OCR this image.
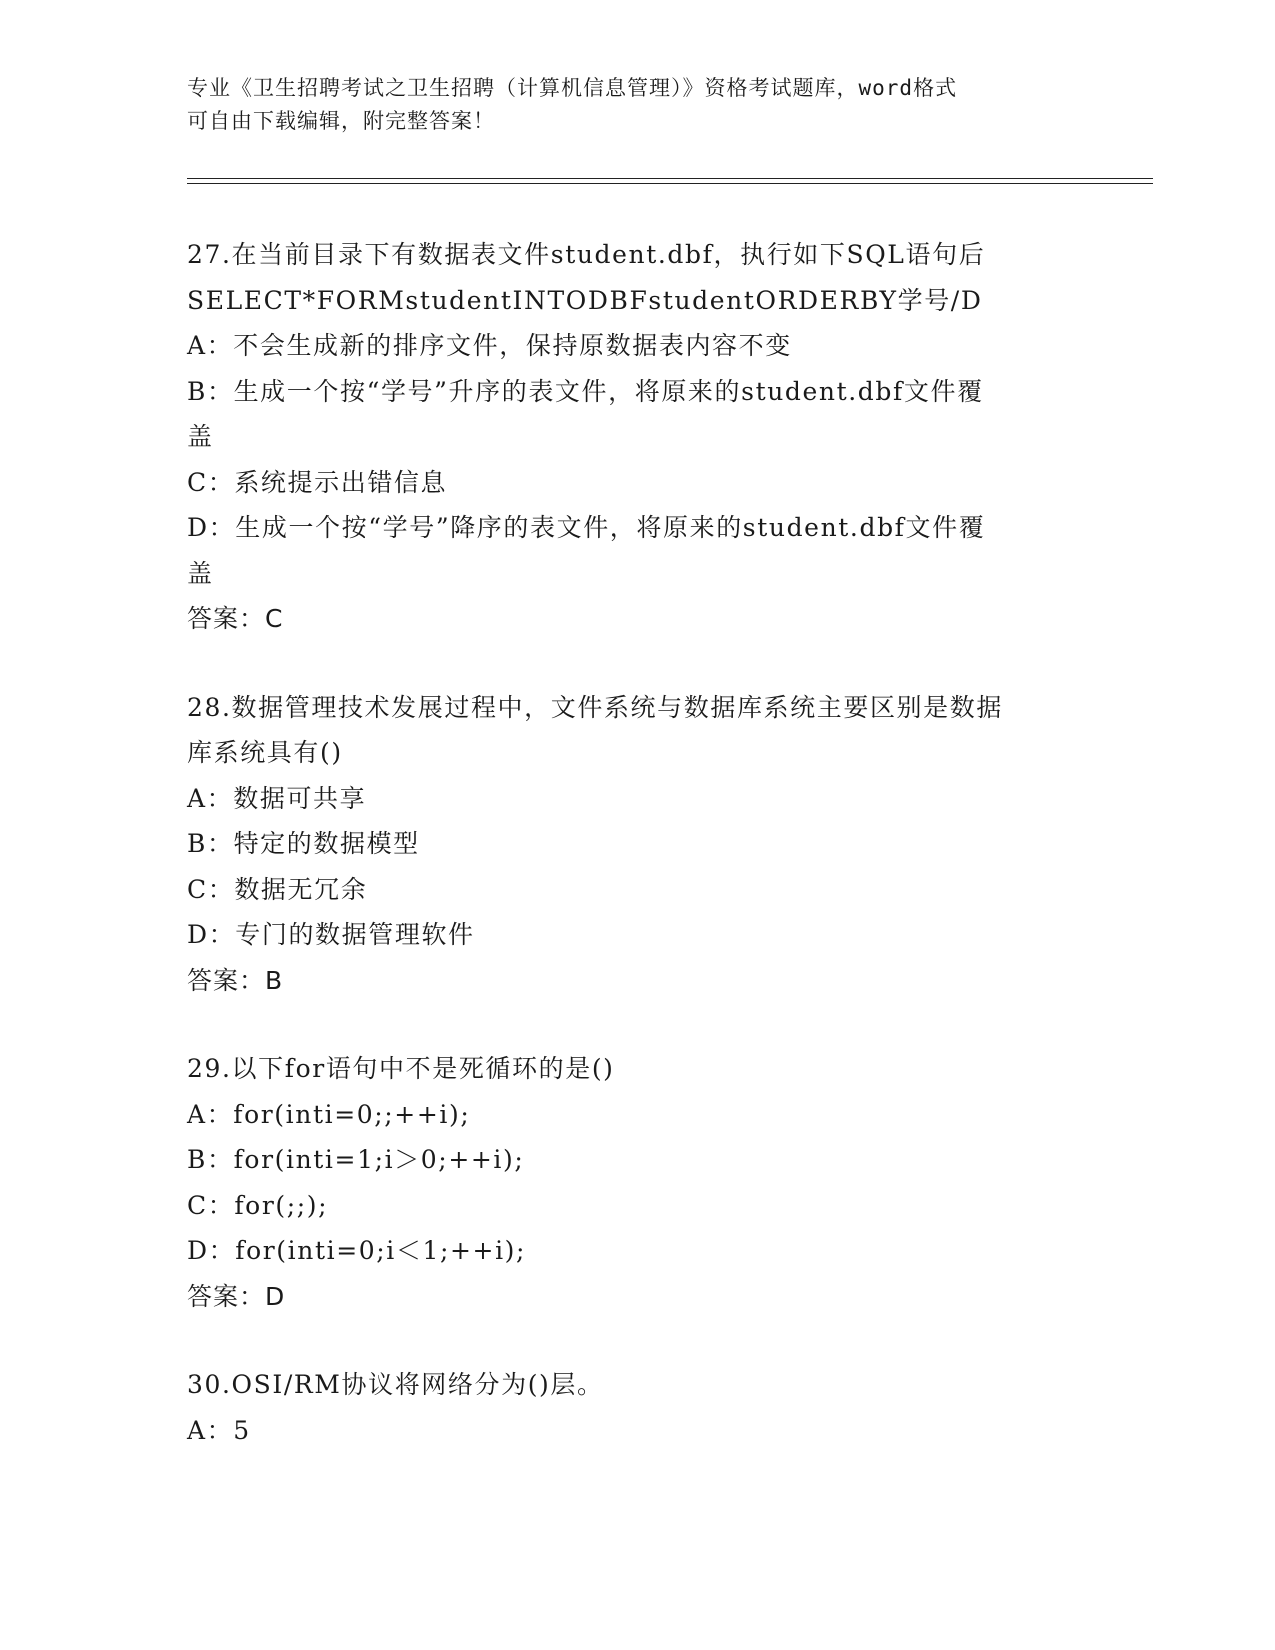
专业《卫生招聘考试之卫生招聘（计算机信息管理）》资格考试题库，word格式
可自由下载编辑，附完整答案！
27.在当前目录下有数据表文件student.dbf，执行如下SQL语句后
SELECT*FORMstudentINTODBFstudentORDERBY学号/D
A：不会生成新的排序文件，保持原数据表内容不变
B：生成一个按“学号”升序的表文件，将原来的student.dbf文件覆
盖
C：系统提示出错信息
D：生成一个按“学号”降序的表文件，将原来的student.dbf文件覆
盖
答案：C
28.数据管理技术发展过程中，文件系统与数据库系统主要区别是数据
库系统具有()
A：数据可共享
B：特定的数据模型
C：数据无冗余
D：专门的数据管理软件
答案：B
29.以下for语句中不是死循环的是()
A：for(inti=0;;++i);
B：for(inti=1;i＞0;++i);
C：for(;;);
D：for(inti=0;i＜1;++i);
答案：D
30.OSI/RM协议将网络分为()层。
A：5
